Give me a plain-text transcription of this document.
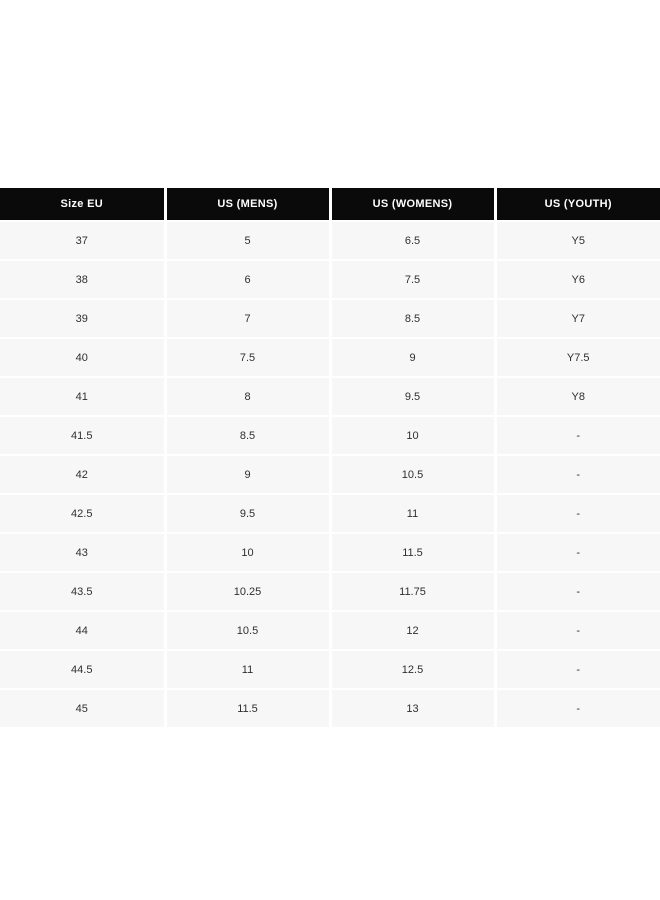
Size EU	US (MENS)	US (WOMENS)	US (YOUTH)
37	5	6.5	Y5
38	6	7.5	Y6
39	7	8.5	Y7
40	7.5	9	Y7.5
41	8	9.5	Y8
41.5	8.5	10	-
42	9	10.5	-
42.5	9.5	11	-
43	10	11.5	-
43.5	10.25	11.75	-
44	10.5	12	-
44.5	11	12.5	-
45	11.5	13	-
